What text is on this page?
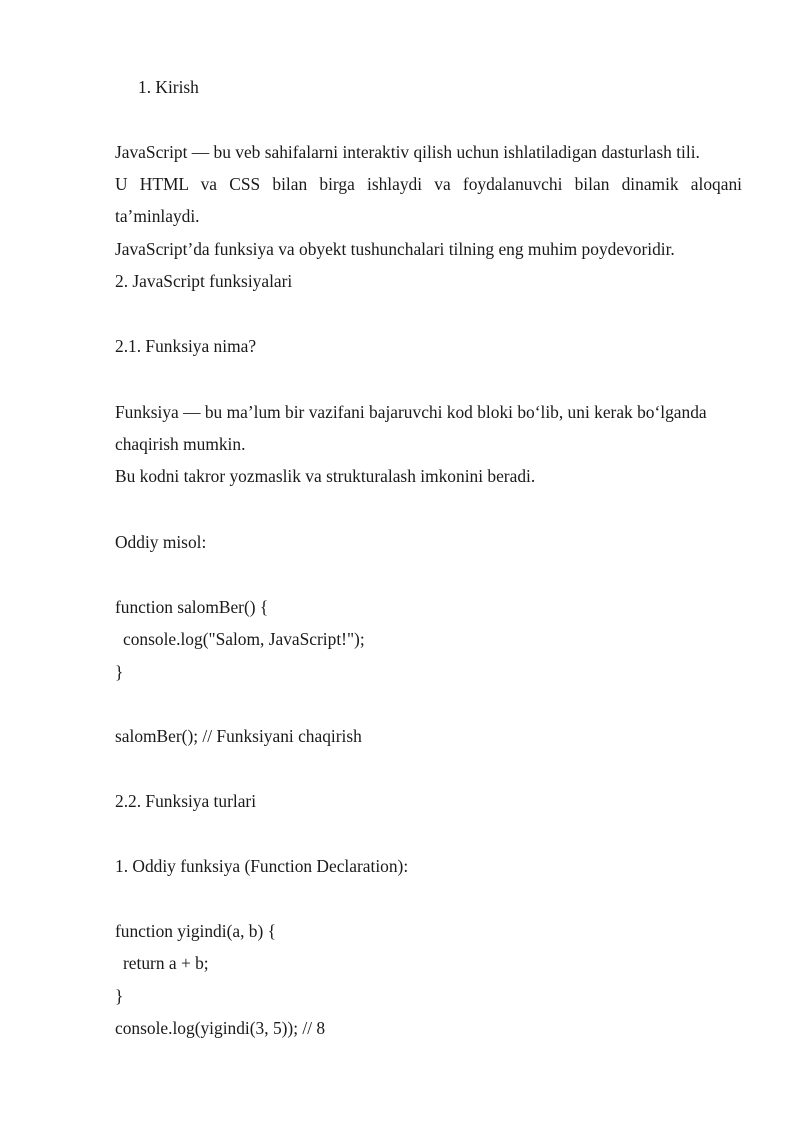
1. Kirish
JavaScript — bu veb sahifalarni interaktiv qilish uchun ishlatiladigan dasturlash tili.
U HTML va CSS bilan birga ishlaydi va foydalanuvchi bilan dinamik aloqani
ta’minlaydi.
JavaScript’da funksiya va obyekt tushunchalari tilning eng muhim poydevoridir.
2. JavaScript funksiyalari
2.1. Funksiya nima?
Funksiya — bu ma’lum bir vazifani bajaruvchi kod bloki bo‘lib, uni kerak bo‘lganda
chaqirish mumkin.
Bu kodni takror yozmaslik va strukturalash imkonini beradi.
Oddiy misol:
function salomBer() {
console.log("Salom, JavaScript!");
}
salomBer(); // Funksiyani chaqirish
2.2. Funksiya turlari
1. Oddiy funksiya (Function Declaration):
function yigindi(a, b) {
return a + b;
}
console.log(yigindi(3, 5)); // 8
